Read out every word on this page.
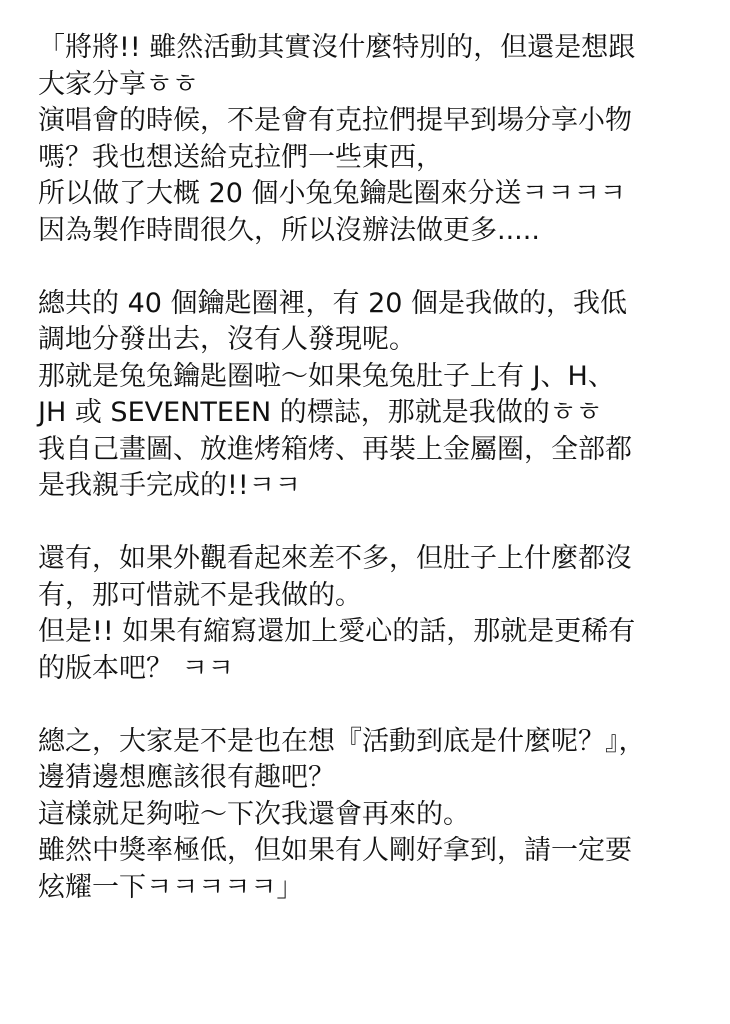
「將將!! 雖然活動其實沒什麼特別的，但還是想跟
大家分享ㅎㅎ
演唱會的時候，不是會有克拉們提早到場分享小物
嗎？我也想送給克拉們一些東西，
所以做了大概 20 個小兔兔鑰匙圈來分送ㅋㅋㅋㅋ
因為製作時間很久，所以沒辦法做更多.....
總共的 40 個鑰匙圈裡，有 20 個是我做的，我低
調地分發出去，沒有人發現呢。
那就是兔兔鑰匙圈啦～如果兔兔肚子上有 J、H、
JH 或 SEVENTEEN 的標誌，那就是我做的ㅎㅎ
我自己畫圖、放進烤箱烤、再裝上金屬圈，全部都
是我親手完成的!!ㅋㅋ
還有，如果外觀看起來差不多，但肚子上什麼都沒
有，那可惜就不是我做的。
但是!! 如果有縮寫還加上愛心的話，那就是更稀有
的版本吧？ ㅋㅋ
總之，大家是不是也在想『活動到底是什麼呢？』，
邊猜邊想應該很有趣吧？
這樣就足夠啦～下次我還會再來的。
雖然中獎率極低，但如果有人剛好拿到，請一定要
炫耀一下ㅋㅋㅋㅋㅋ」
